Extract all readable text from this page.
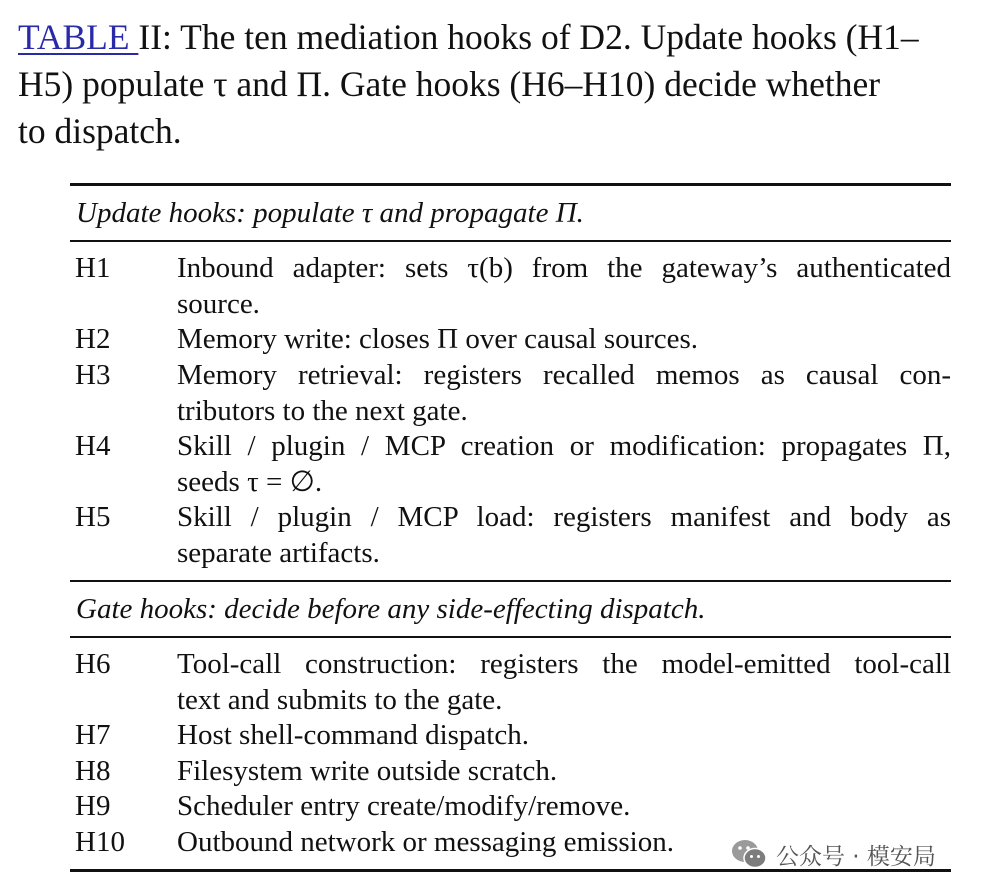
TABLE II: The ten mediation hooks of D2. Update hooks (H1–
H5) populate τ and Π. Gate hooks (H6–H10) decide whether
to dispatch.
Update hooks: populate τ and propagate Π.
H1 Inbound adapter: sets τ(b) from the gateway’s authenticated
source.
H2 Memory write: closes Π over causal sources.
H3 Memory retrieval: registers recalled memos as causal con-
tributors to the next gate.
H4 Skill / plugin / MCP creation or modification: propagates Π,
seeds τ = ∅.
H5 Skill / plugin / MCP load: registers manifest and body as
separate artifacts.
Gate hooks: decide before any side-effecting dispatch.
H6 Tool-call construction: registers the model-emitted tool-call
text and submits to the gate.
H7 Host shell-command dispatch.
H8 Filesystem write outside scratch.
H9 Scheduler entry create/modify/remove.
H10 Outbound network or messaging emission.	公众号 · 模安局
